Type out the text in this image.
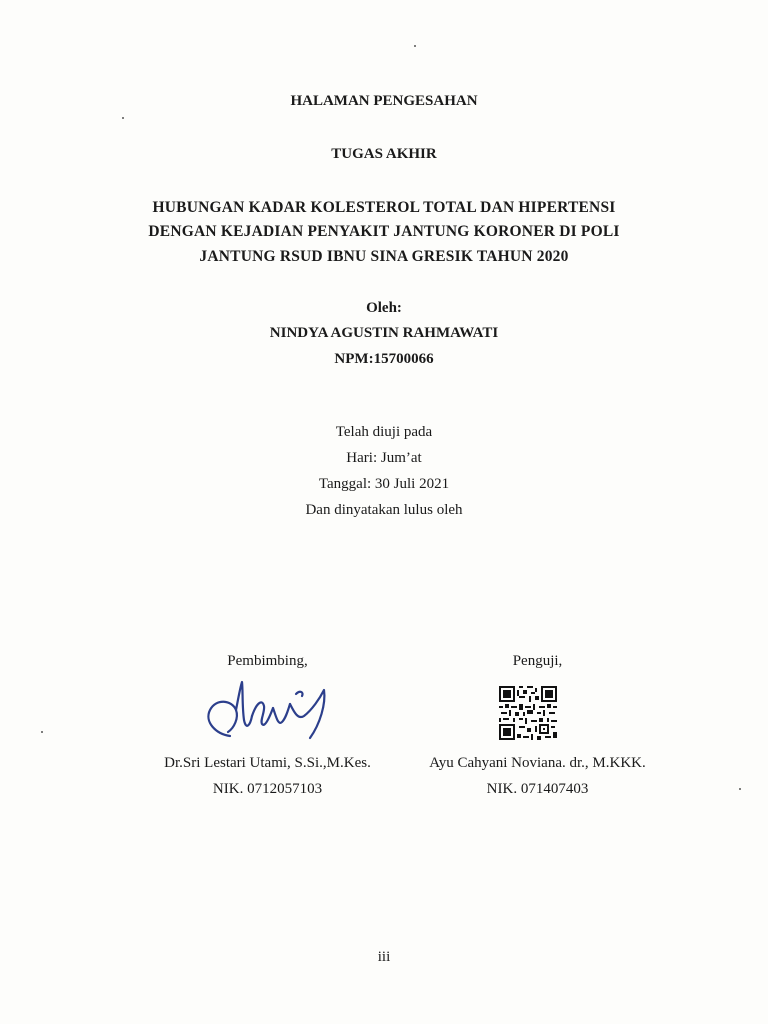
HALAMAN PENGESAHAN
TUGAS AKHIR
HUBUNGAN KADAR KOLESTEROL TOTAL DAN HIPERTENSI
DENGAN KEJADIAN PENYAKIT JANTUNG KORONER DI POLI
JANTUNG RSUD IBNU SINA GRESIK TAHUN 2020
Oleh:
NINDYA AGUSTIN RAHMAWATI
NPM:15700066
Telah diuji pada
Hari: Jum’at
Tanggal: 30 Juli 2021
Dan dinyatakan lulus oleh
Pembimbing,
Dr.Sri Lestari Utami, S.Si.,M.Kes.
NIK. 0712057103
Penguji,
Ayu Cahyani Noviana. dr., M.KKK.
NIK. 071407403
iii
